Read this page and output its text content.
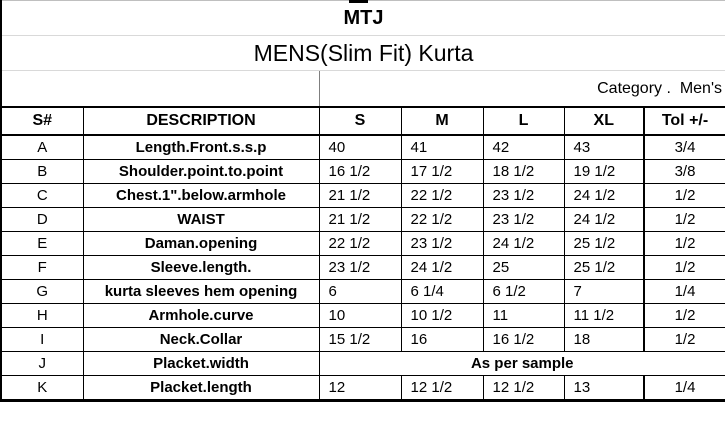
MTJ						
MENS(Slim Fit) Kurta						
		Category .  Men's				
S#	DESCRIPTION	S	M	L	XL	Tol +/-
A	Length.Front.s.s.p	40	41	42	43	3/4
B	Shoulder.point.to.point	16 1/2	17 1/2	18 1/2	19 1/2	3/8
C	Chest.1".below.armhole	21 1/2	22 1/2	23 1/2	24 1/2	1/2
D	WAIST	21 1/2	22 1/2	23 1/2	24 1/2	1/2
E	Daman.opening	22 1/2	23 1/2	24 1/2	25 1/2	1/2
F	Sleeve.length.	23 1/2	24 1/2	25	25 1/2	1/2
G	kurta sleeves hem opening	6	6 1/4	6 1/2	7	1/4
H	Armhole.curve	10	10 1/2	11	11 1/2	1/2
I	Neck.Collar	15 1/2	16	16 1/2	18	1/2
J	Placket.width	As per sample				
K	Placket.length	12	12 1/2	12 1/2	13	1/4
